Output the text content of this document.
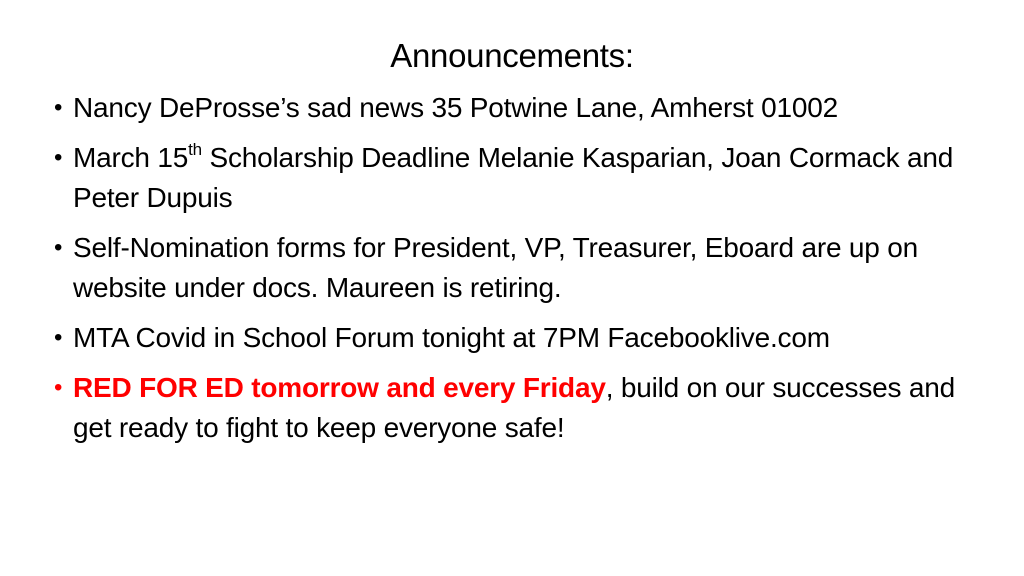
Announcements:
• Nancy DeProsse’s sad news 35 Potwine Lane, Amherst 01002
• March 15th Scholarship Deadline Melanie Kasparian, Joan Cormack and Peter Dupuis
• Self-Nomination forms for President, VP, Treasurer, Eboard are up on website under docs. Maureen is retiring.
• MTA Covid in School Forum tonight at 7PM Facebooklive.com
• RED FOR ED tomorrow and every Friday, build on our successes and get ready to fight to keep everyone safe!
